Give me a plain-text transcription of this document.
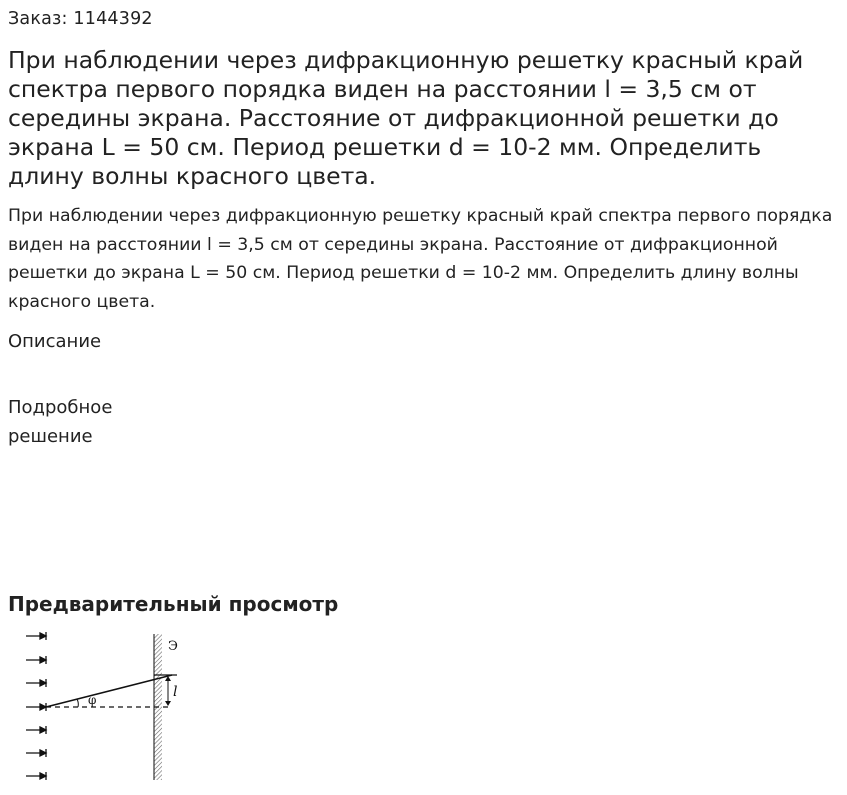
Заказ: 1144392
При наблюдении через дифракционную решетку красный край спектра первого порядка виден на расстоянии l = 3,5 см от середины экрана. Расстояние от дифракционной решетки до экрана L = 50 см. Период решетки d = 10-2 мм. Определить длину волны красного цвета.

При наблюдении через дифракционную решетку красный край спектра первого порядка виден на расстоянии l = 3,5 см от середины экрана. Расстояние от дифракционной решетки до экрана L = 50 см. Период решетки d = 10-2 мм. Определить длину волны красного цвета.

Описание
Подробное решение
Предварительный просмотр
Э
φ	l
